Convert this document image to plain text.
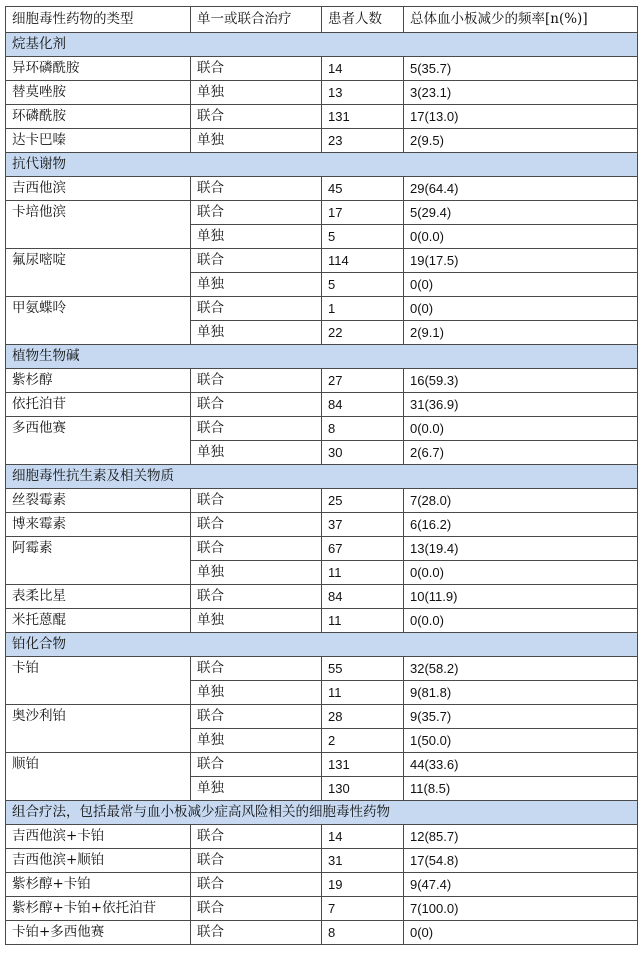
细胞毒性药物的类型	单一或联合治疗	患者人数	总体血小板减少的频率[n(%)]
烷基化剂			
异环磷酰胺	联合	14	5(35.7)
替莫唑胺	单独	13	3(23.1)
环磷酰胺	联合	131	17(13.0)
达卡巴嗪	单独	23	2(9.5)
抗代谢物			
吉西他滨	联合	45	29(64.4)
卡培他滨	联合	17	5(29.4)
	单独	5	0(0.0)
氟尿嘧啶	联合	114	19(17.5)
	单独	5	0(0)
甲氨蝶呤	联合	1	0(0)
	单独	22	2(9.1)
植物生物碱			
紫杉醇	联合	27	16(59.3)
依托泊苷	联合	84	31(36.9)
多西他赛	联合	8	0(0.0)
	单独	30	2(6.7)
细胞毒性抗生素及相关物质			
丝裂霉素	联合	25	7(28.0)
博来霉素	联合	37	6(16.2)
阿霉素	联合	67	13(19.4)
	单独	11	0(0.0)
表柔比星	联合	84	10(11.9)
米托蒽醌	单独	11	0(0.0)
铂化合物			
卡铂	联合	55	32(58.2)
	单独	11	9(81.8)
奥沙利铂	联合	28	9(35.7)
	单独	2	1(50.0)
顺铂	联合	131	44(33.6)
	单独	130	11(8.5)
组合疗法，包括最常与血小板减少症高风险相关的细胞毒性药物			
吉西他滨+卡铂	联合	14	12(85.7)
吉西他滨+顺铂	联合	31	17(54.8)
紫杉醇+卡铂	联合	19	9(47.4)
紫杉醇+卡铂+依托泊苷	联合	7	7(100.0)
卡铂+多西他赛	联合	8	0(0)
